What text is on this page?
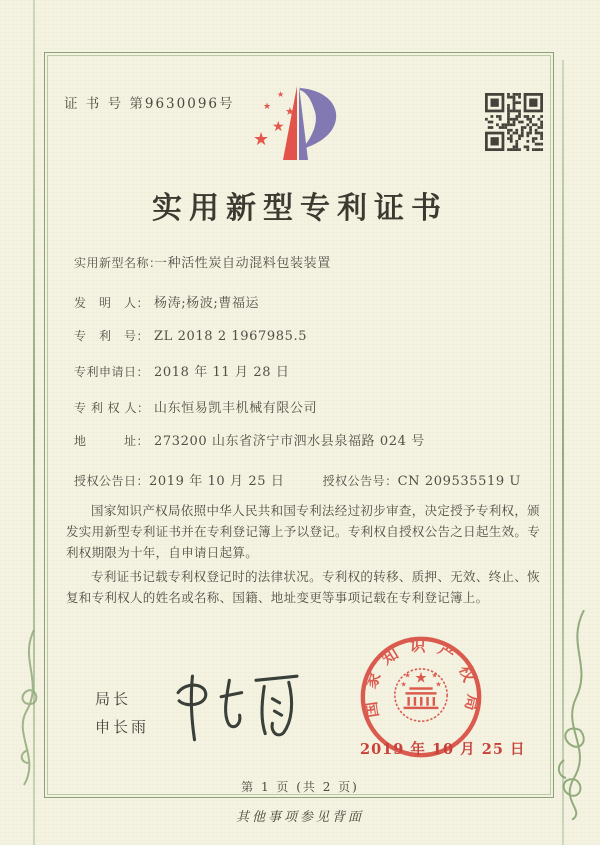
证 书 号 第9630096号
★
★
★
★
★
实用新型专利证书
实用新型名称：一种活性炭自动混料包装装置
发　明　人： 杨涛;杨波;曹福运
专　利　号： ZL 2018 2 1967985.5
专利申请日： 2018 年 11 月 28 日
专 利 权 人： 山东恒易凯丰机械有限公司
地　　　址： 273200 山东省济宁市泗水县泉福路 024 号
授权公告日：2019 年 10 月 25 日	授权公告号：CN 209535519 U

国家知识产权局依照中华人民共和国专利法经过初步审查，决定授予专利权，颁发实用新型专利证书并在专利登记簿上予以登记。专利权自授权公告之日起生效。专利权期限为十年，自申请日起算。

专利证书记载专利权登记时的法律状况。专利权的转移、质押、无效、终止、恢复和专利权人的姓名或名称、国籍、地址变更等事项记载在专利登记簿上。

局长
申长雨
国家知识产权局
★
★	★
★	★
2019 年 10 月 25 日
第 1 页 (共 2 页)
其他事项参见背面
